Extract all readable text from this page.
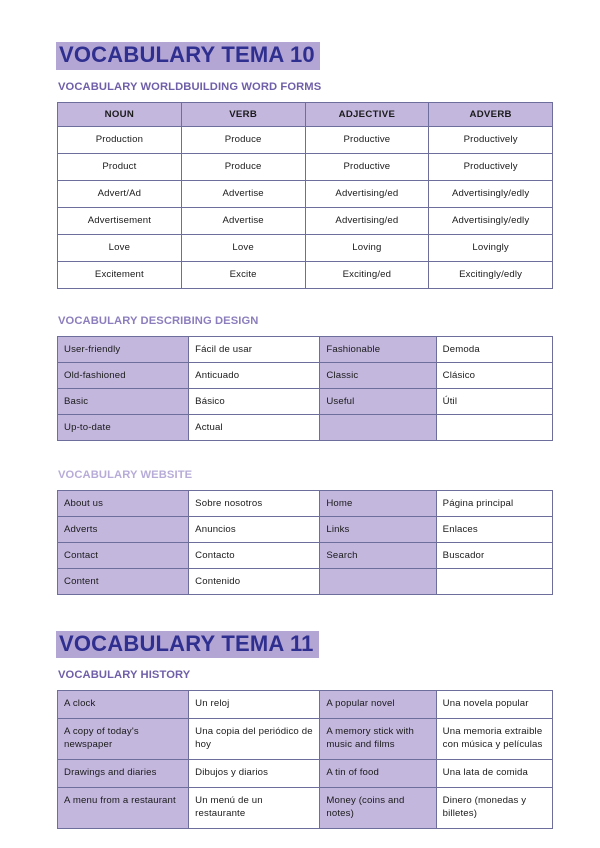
VOCABULARY TEMA 10
VOCABULARY WORLDBUILDING WORD FORMS
NOUN	VERB	ADJECTIVE	ADVERB
Production	Produce	Productive	Productively
Product	Produce	Productive	Productively
Advert/Ad	Advertise	Advertising/ed	Advertisingly/edly
Advertisement	Advertise	Advertising/ed	Advertisingly/edly
Love	Love	Loving	Lovingly
Excitement	Excite	Exciting/ed	Excitingly/edly
VOCABULARY DESCRIBING DESIGN
User-friendly	Fácil de usar	Fashionable	Demoda
Old-fashioned	Anticuado	Classic	Clásico
Basic	Básico	Useful	Útil
Up-to-date	Actual		
VOCABULARY WEBSITE
About us	Sobre nosotros	Home	Página principal
Adverts	Anuncios	Links	Enlaces
Contact	Contacto	Search	Buscador
Content	Contenido		
VOCABULARY TEMA 11
VOCABULARY HISTORY
A clock	Un reloj	A popular novel	Una novela popular
A copy of today's newspaper	Una copia del periódico de hoy	A memory stick with music and films	Una memoria extraible con música y películas
Drawings and diaries	Dibujos y diarios	A tin of food	Una lata de comida
A menu from a restaurant	Un menú de un restaurante	Money (coins and notes)	Dinero (monedas y billetes)
